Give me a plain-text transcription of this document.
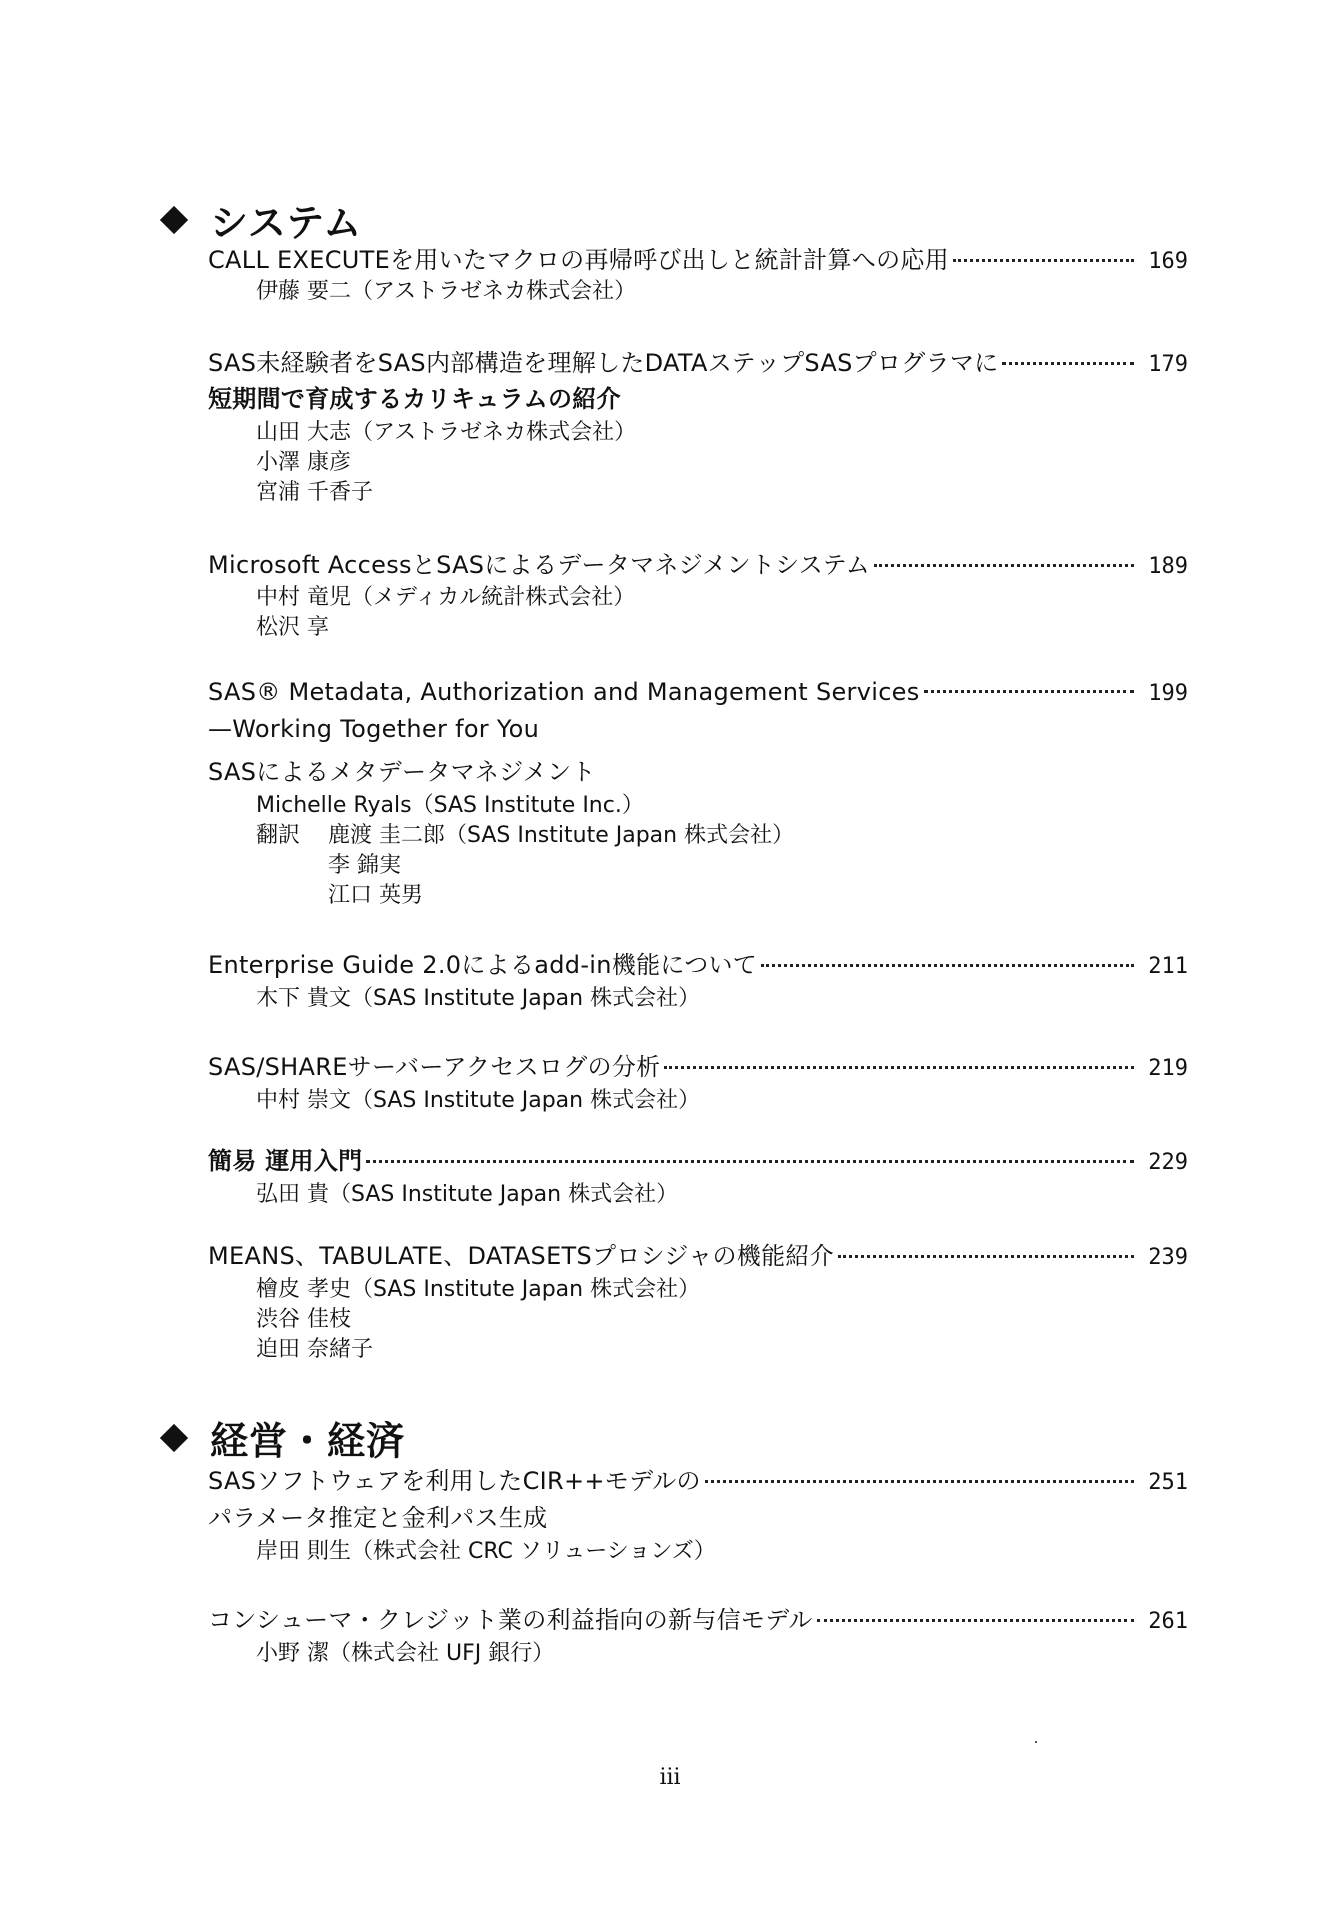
システム
CALL EXECUTEを用いたマクロの再帰呼び出しと統計計算への応用	169
伊藤 要二（アストラゼネカ株式会社）
SAS未経験者をSAS内部構造を理解したDATAステップSASプログラマに	179
短期間で育成するカリキュラムの紹介
山田 大志（アストラゼネカ株式会社）
小澤 康彦
宮浦 千香子
Microsoft AccessとSASによるデータマネジメントシステム	189
中村 竜児（メディカル統計株式会社）
松沢 享
SAS® Metadata, Authorization and Management Services	199
—Working Together for You
SASによるメタデータマネジメント
Michelle Ryals（SAS Institute Inc.）
翻訳 鹿渡 圭二郎（SAS Institute Japan 株式会社）
李 錦実
江口 英男
Enterprise Guide 2.0によるadd-in機能について	211
木下 貴文（SAS Institute Japan 株式会社）
SAS/SHAREサーバーアクセスログの分析	219
中村 崇文（SAS Institute Japan 株式会社）
簡易 運用入門	229
弘田 貴（SAS Institute Japan 株式会社）
MEANS、TABULATE、DATASETSプロシジャの機能紹介	239
檜皮 孝史（SAS Institute Japan 株式会社）
渋谷 佳枝
迫田 奈緒子
経営・経済
SASソフトウェアを利用したCIR++モデルの	251
パラメータ推定と金利パス生成
岸田 則生（株式会社 CRC ソリューションズ）
コンシューマ・クレジット業の利益指向の新与信モデル	261
小野 潔（株式会社 UFJ 銀行）
iii
